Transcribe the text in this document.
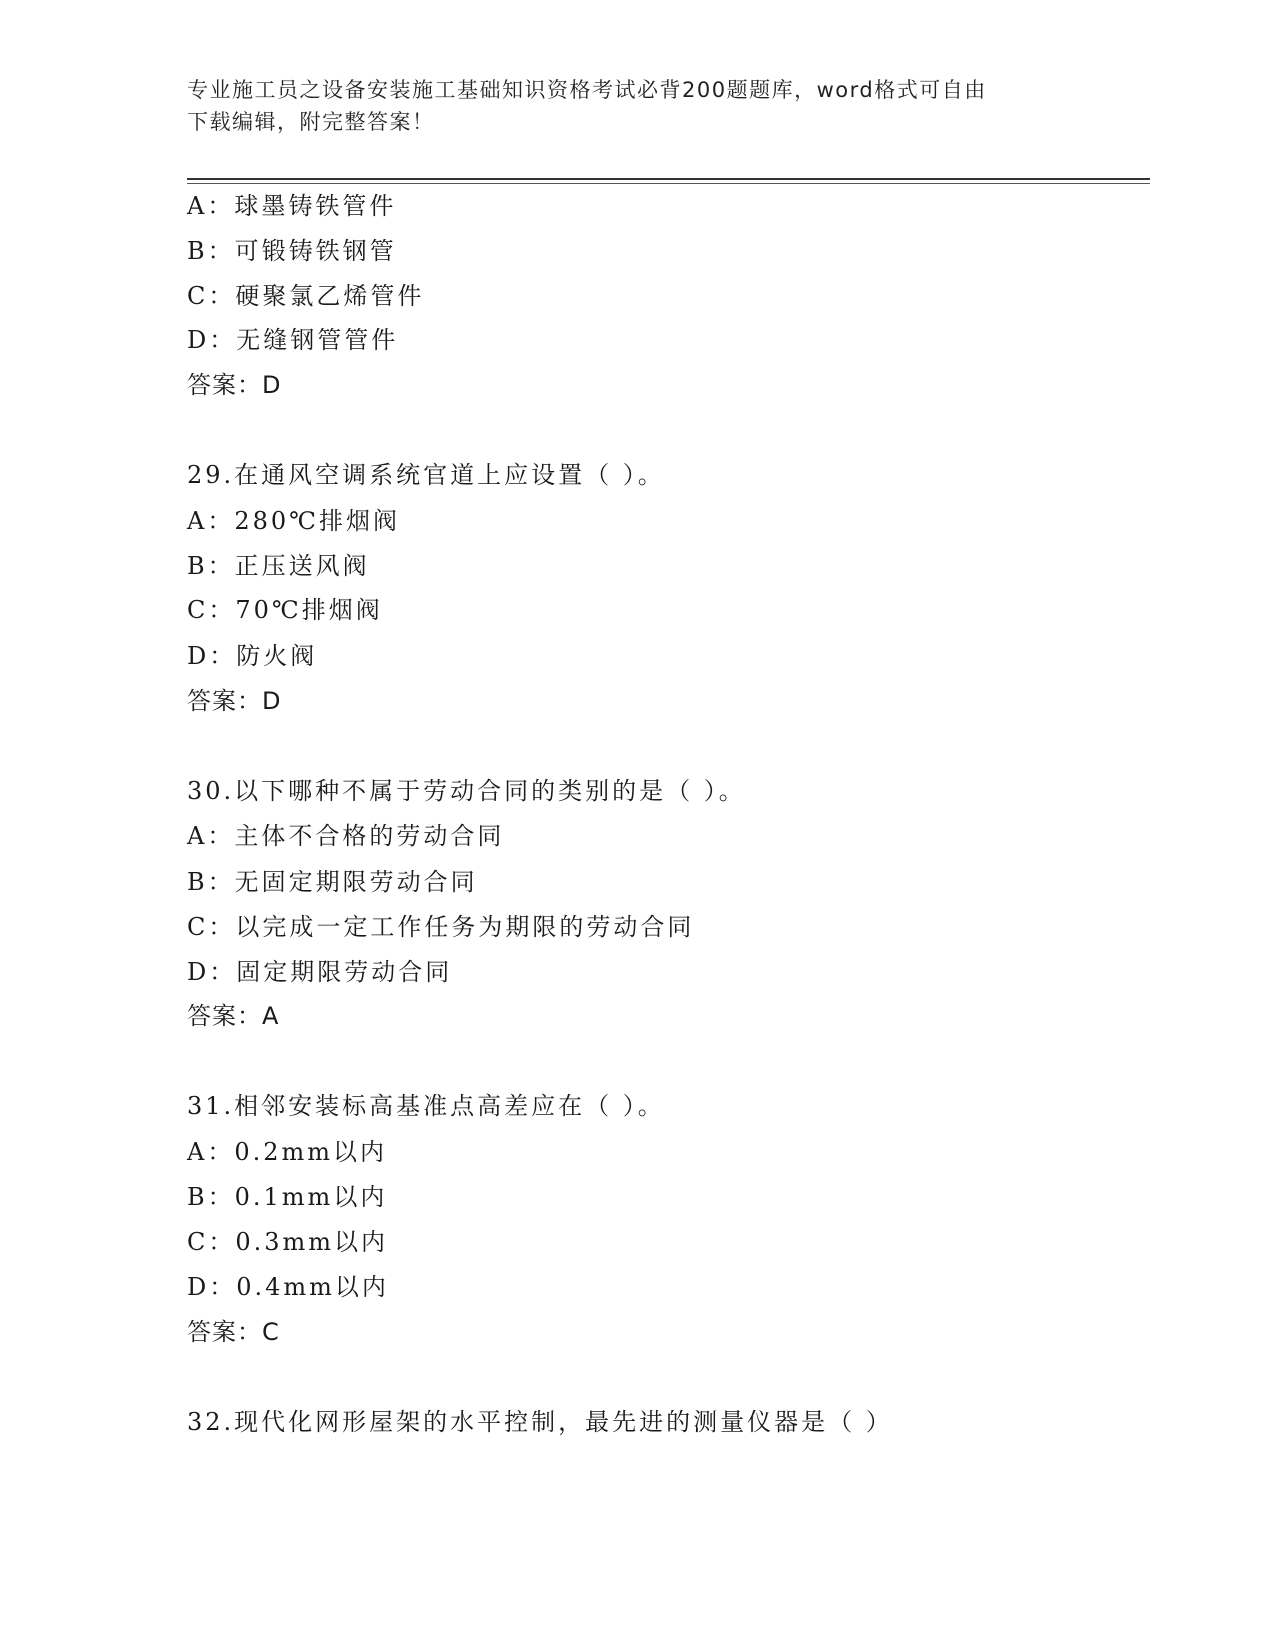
专业施工员之设备安装施工基础知识资格考试必背200题题库，word格式可自由
下载编辑，附完整答案！
A：球墨铸铁管件
B：可锻铸铁钢管
C：硬聚氯乙烯管件
D：无缝钢管管件
答案：D
29.在通风空调系统官道上应设置（ ）。
A：280℃排烟阀
B：正压送风阀
C：70℃排烟阀
D：防火阀
答案：D
30.以下哪种不属于劳动合同的类别的是（ ）。
A：主体不合格的劳动合同
B：无固定期限劳动合同
C：以完成一定工作任务为期限的劳动合同
D：固定期限劳动合同
答案：A
31.相邻安装标高基准点高差应在（ ）。
A：0.2mm以内
B：0.1mm以内
C：0.3mm以内
D：0.4mm以内
答案：C
32.现代化网形屋架的水平控制，最先进的测量仪器是（ ）
